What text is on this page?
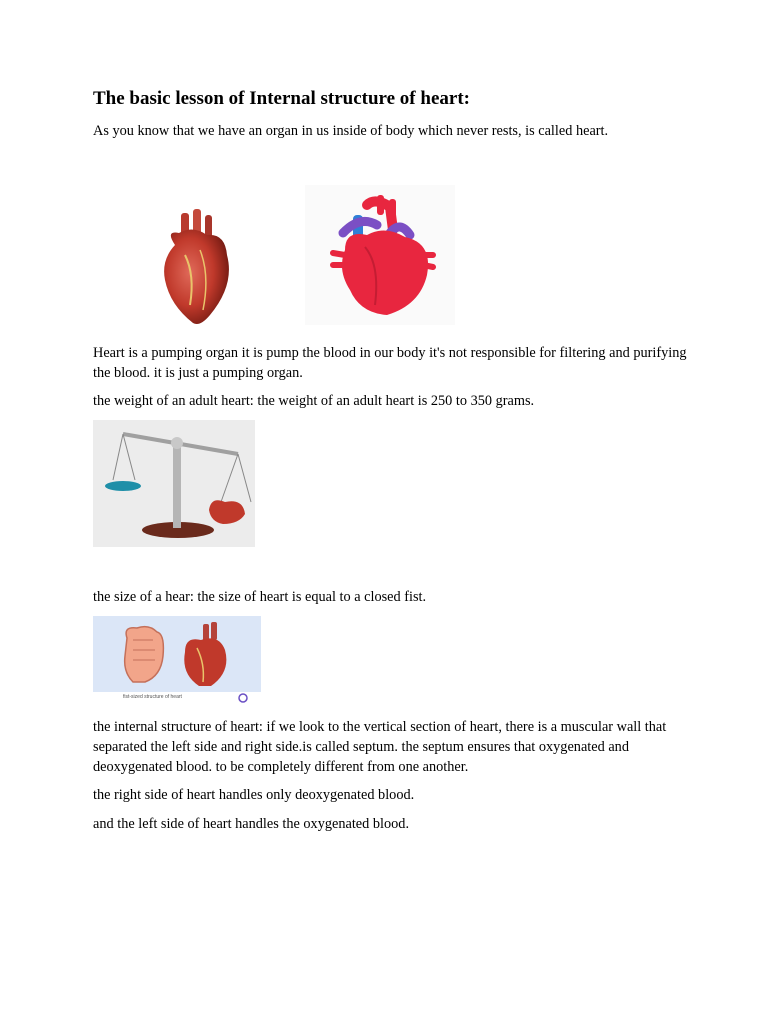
The basic lesson of Internal structure of heart:
As you know that we have an organ in us inside of body which never rests, is called heart.
Heart is a pumping organ it is pump the blood in our body it's not responsible for filtering and purifying the blood. it is just a pumping organ.
the weight of an adult heart: the weight of an adult heart is 250 to 350 grams.
the size of a hear: the size of heart is equal to a closed fist.
fist-sized structure of heart
the internal structure of heart: if we look to the vertical section of heart, there is a muscular wall that separated the left side and right side.is called septum. the septum ensures that oxygenated and deoxygenated blood. to be completely different from one another.
the right side of heart handles only deoxygenated blood.
and the left side of heart handles the oxygenated blood.
